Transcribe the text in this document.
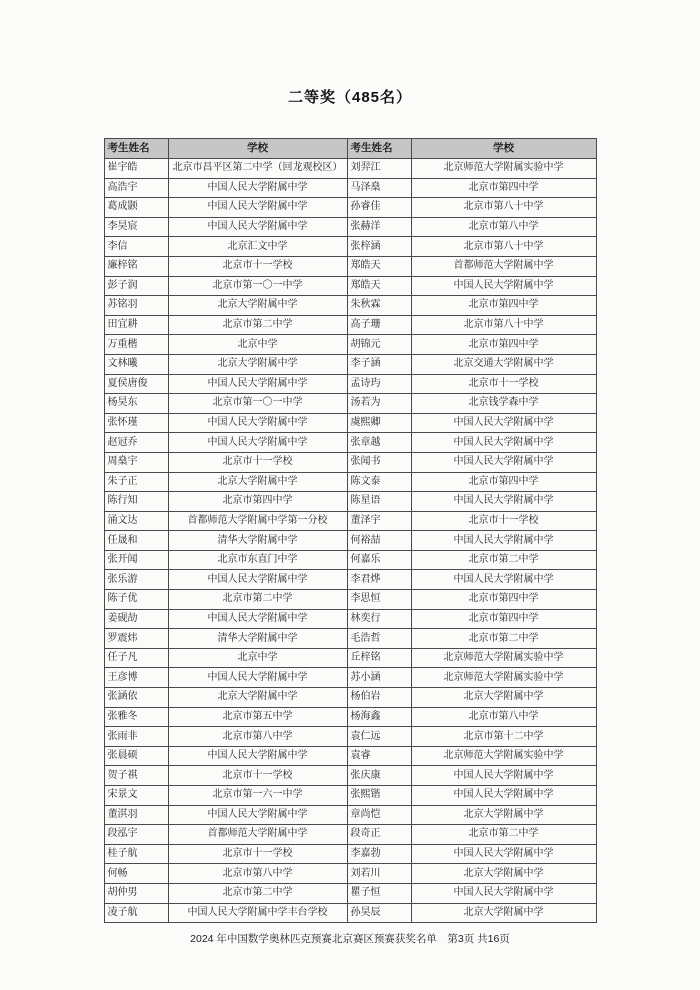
二等奖（485名）
考生姓名	学校	考生姓名	学校
崔宇皓	北京市昌平区第二中学（回龙观校区）	刘羿江	北京师范大学附属实验中学
高浩宇	中国人民大学附属中学	马泽燊	北京市第四中学
葛成颢	中国人民大学附属中学	孙睿佳	北京市第八十中学
李昊宸	中国人民大学附属中学	张赫洋	北京市第八中学
李信	北京汇文中学	张梓涵	北京市第八十中学
廉梓铭	北京市十一学校	郑皓天	首都师范大学附属中学
彭子润	北京市第一〇一中学	郑皓天	中国人民大学附属中学
苏铭羽	北京大学附属中学	朱秋霖	北京市第四中学
田宜耕	北京市第二中学	高子珊	北京市第八十中学
万重楷	北京中学	胡锦元	北京市第四中学
文林曦	北京大学附属中学	李子涵	北京交通大学附属中学
夏侯唐俊	中国人民大学附属中学	孟诗玙	北京市十一学校
杨昊东	北京市第一〇一中学	汤若为	北京钱学森中学
张怀瑾	中国人民大学附属中学	虞熙卿	中国人民大学附属中学
赵冠乔	中国人民大学附属中学	张章越	中国人民大学附属中学
周燊宇	北京市十一学校	张闻书	中国人民大学附属中学
朱子正	北京大学附属中学	陈文泰	北京市第四中学
陈行知	北京市第四中学	陈星语	中国人民大学附属中学
涌文达	首都师范大学附属中学第一分校	董泽宇	北京市十一学校
任晟和	清华大学附属中学	何裕喆	中国人民大学附属中学
张开闻	北京市东直门中学	何嘉乐	北京市第二中学
张乐游	中国人民大学附属中学	李君烨	中国人民大学附属中学
陈子优	北京市第二中学	李思恒	北京市第四中学
姜砚劼	中国人民大学附属中学	林奕行	北京市第四中学
罗震炜	清华大学附属中学	毛浩哲	北京市第二中学
任子凡	北京中学	丘梓铭	北京师范大学附属实验中学
王彦博	中国人民大学附属中学	苏小涵	北京师范大学附属实验中学
张涵依	北京大学附属中学	杨伯岩	北京大学附属中学
张雅冬	北京市第五中学	杨海鑫	北京市第八中学
张雨非	北京市第八中学	袁仁远	北京市第十二中学
张晨硕	中国人民大学附属中学	袁睿	北京师范大学附属实验中学
贺子祺	北京市十一学校	张庆康	中国人民大学附属中学
宋景文	北京市第一六一中学	张熙锴	中国人民大学附属中学
董淇羽	中国人民大学附属中学	章尚恺	北京大学附属中学
段泓宇	首都师范大学附属中学	段奇正	北京市第二中学
桂子航	北京市十一学校	李嘉勃	中国人民大学附属中学
何畅	北京市第八中学	刘若川	北京大学附属中学
胡仲男	北京市第二中学	瞿子恒	中国人民大学附属中学
凌子航	中国人民大学附属中学丰台学校	孙昊辰	北京大学附属中学
2024 年中国数学奥林匹克预赛北京赛区预赛获奖名单　第3页 共16页
